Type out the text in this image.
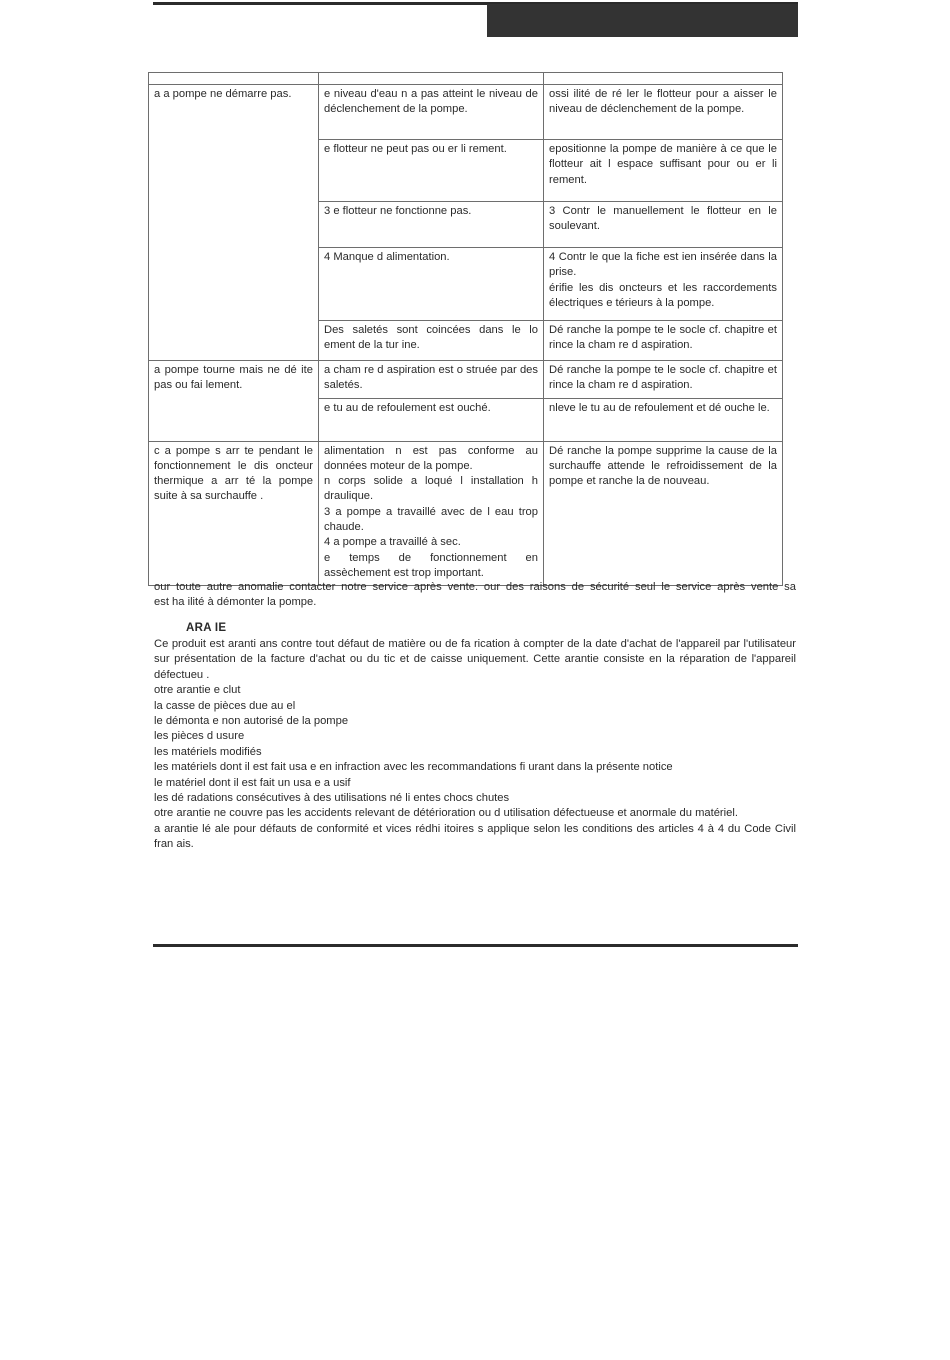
a a pompe ne démarre pas.	e niveau d'eau n a pas atteint le niveau de déclenchement de la pompe.	ossi ilité de ré ler le flotteur pour a aisser le niveau de déclenchement de la pompe.
	e flotteur ne peut pas ou er li rement.	epositionne la pompe de manière à ce que le flotteur ait l espace suffisant pour ou er li rement.
	3 e flotteur ne fonctionne pas.	3 Contr le manuellement le flotteur en le soulevant.
	4 Manque d alimentation.	4 Contr le que la fiche est ien insérée dans la prise.
érifie les dis oncteurs et les raccordements électriques e térieurs à la pompe.

	Des saletés sont coincées dans le lo ement de la tur ine.	Dé ranche la pompe te le socle cf. chapitre et rince la cham re d aspiration.
a pompe tourne mais ne dé ite pas ou fai lement.	a cham re d aspiration est o struée par des saletés.	Dé ranche la pompe te le socle cf. chapitre et rince la cham re d aspiration.
	e tu au de refoulement est ouché.	nleve le tu au de refoulement et dé ouche le.
c a pompe s arr te pendant le fonctionnement le dis oncteur thermique a arr té la pompe suite à sa surchauffe .	alimentation n est pas conforme au données moteur de la pompe.
n corps solide a loqué l installation h draulique.
3 a pompe a travaillé avec de l eau trop chaude.
4 a pompe a travaillé à sec.
e temps de fonctionnement en assèchement est trop important.	Dé ranche la pompe supprime la cause de la surchauffe attende le refroidissement de la pompe et ranche la de nouveau.
our toute autre anomalie contacter notre service après vente. our des raisons de sécurité seul le service après vente sa
est ha ilité à démonter la pompe.
ARA IE
Ce produit est aranti ans contre tout défaut de matière ou de fa rication à compter de la date d'achat de l'appareil par l'utilisateur sur présentation de la facture d'achat ou du tic et de caisse uniquement. Cette arantie consiste en la réparation de l'appareil défectueu .
otre arantie e clut
la casse de pièces due au el
le démonta e non autorisé de la pompe
les pièces d usure
les matériels modifiés
les matériels dont il est fait usa e en infraction avec les recommandations fi urant dans la présente notice
le matériel dont il est fait un usa e a usif
les dé radations consécutives à des utilisations né li entes chocs chutes
otre arantie ne couvre pas les accidents relevant de détérioration ou d utilisation défectueuse et anormale du matériel.
a arantie lé ale pour défauts de conformité et vices rédhi itoires s applique selon les conditions des articles 4 à 4 du Code Civil fran ais.
